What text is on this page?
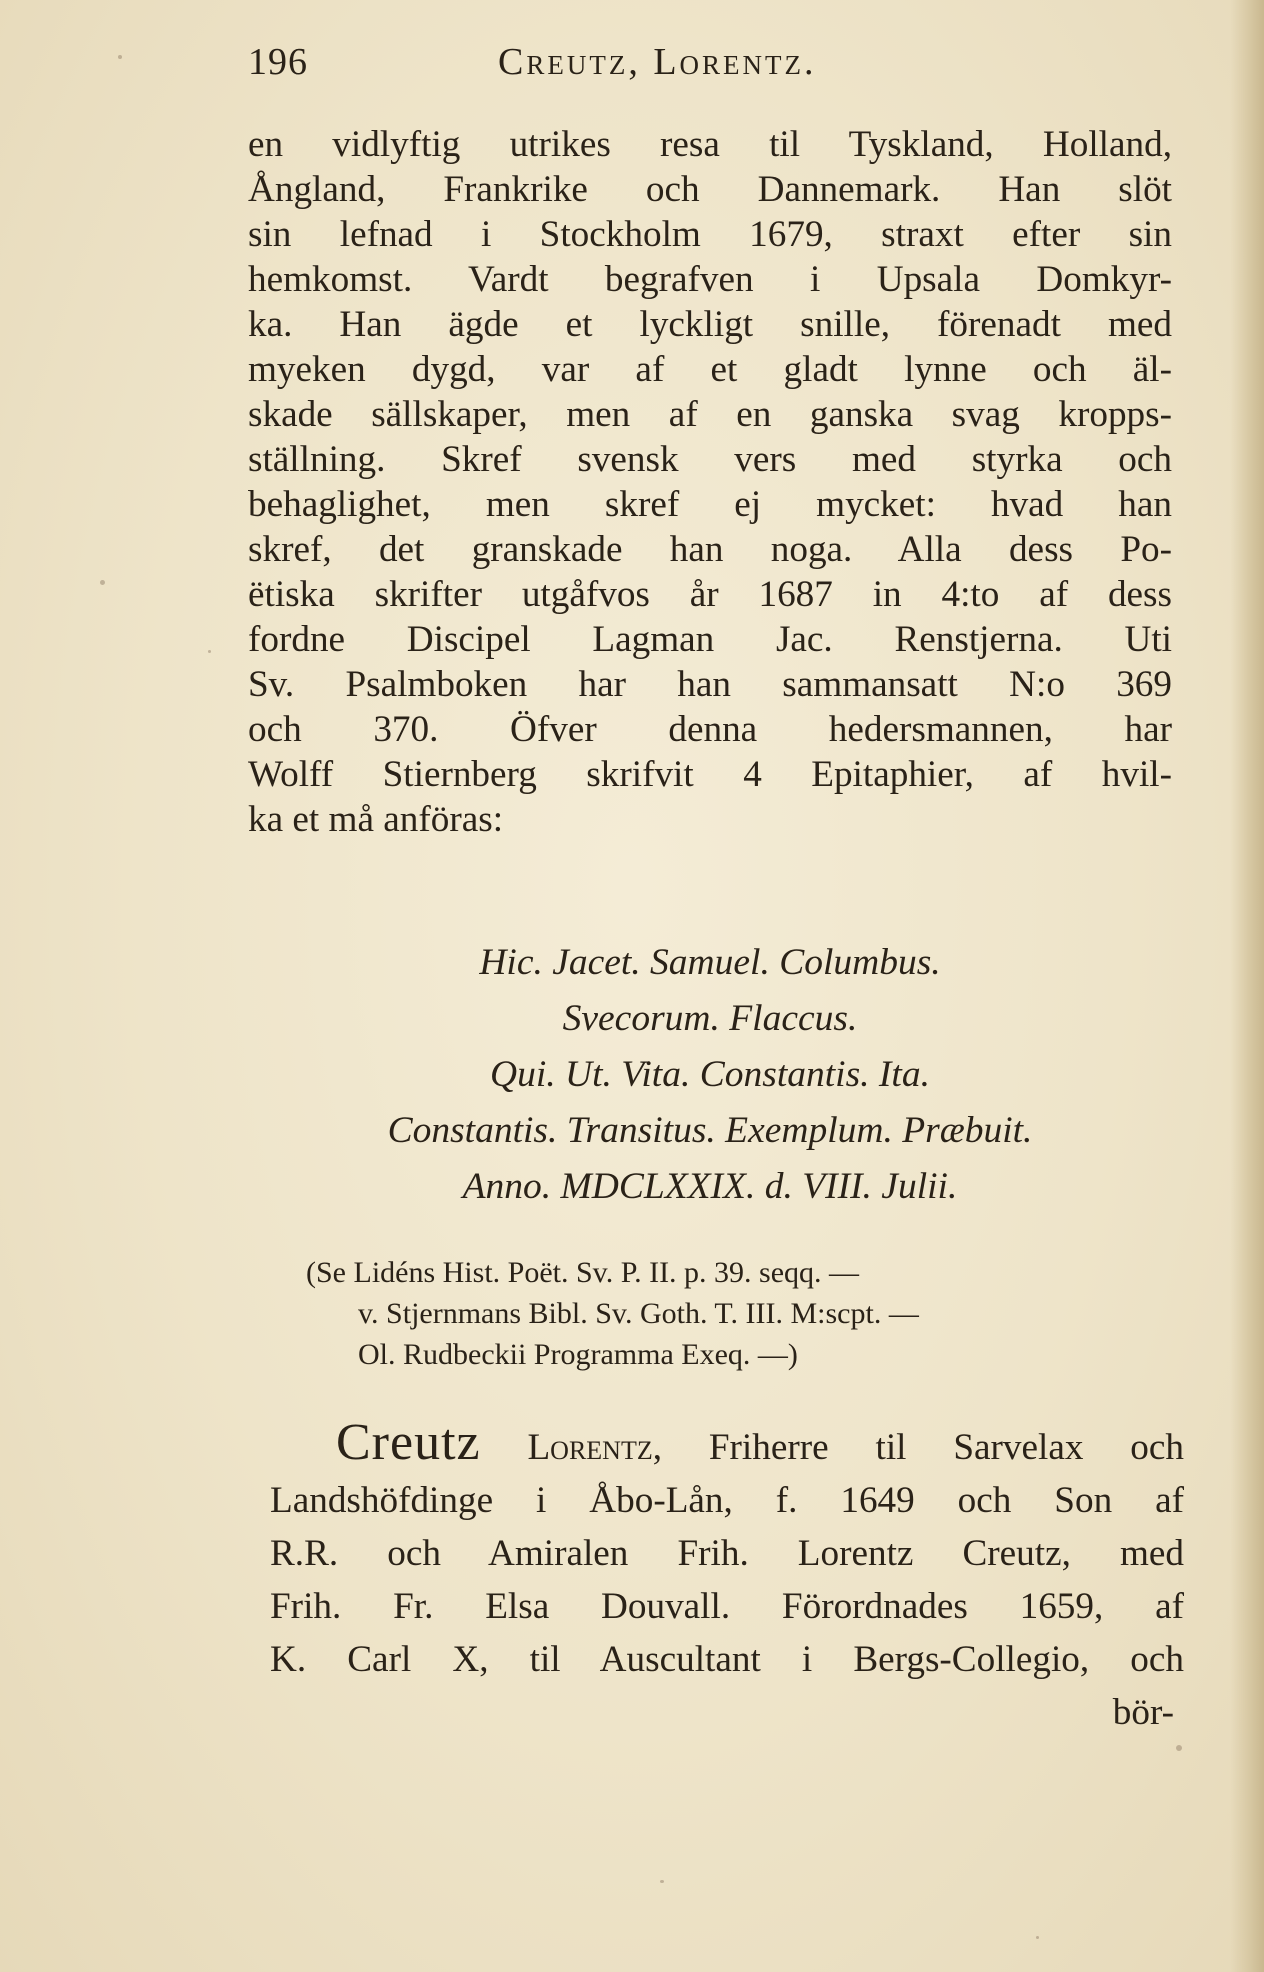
196	Creutz, Lorentz.
en vidlyftig utrikes resa til Tyskland, Holland,
Ångland, Frankrike och Dannemark. Han slöt
sin lefnad i Stockholm 1679, straxt efter sin
hemkomst. Vardt begrafven i Upsala Domkyr-
ka. Han ägde et lyckligt snille, förenadt med
myeken dygd, var af et gladt lynne och äl-
skade sällskaper, men af en ganska svag kropps-
ställning. Skref svensk vers med styrka och
behaglighet, men skref ej mycket: hvad han
skref, det granskade han noga. Alla dess Po-
ëtiska skrifter utgåfvos år 1687 in 4:to af dess
fordne Discipel Lagman Jac. Renstjerna. Uti
Sv. Psalmboken har han sammansatt N:o 369
och 370. Öfver denna hedersmannen, har
Wolff Stiernberg skrifvit 4 Epitaphier, af hvil-
ka et må anföras:
Hic. Jacet. Samuel. Columbus.
Svecorum. Flaccus.
Qui. Ut. Vita. Constantis. Ita.
Constantis. Transitus. Exemplum. Præbuit.
Anno. MDCLXXIX. d. VIII. Julii.
(Se Lidéns Hist. Poët. Sv. P. II. p. 39. seqq. —
v. Stjernmans Bibl. Sv. Goth. T. III. M:scpt. —
Ol. Rudbeckii Programma Exeq. —)
Creutz Lorentz, Friherre til Sarvelax och
Landshöfdinge i Åbo-Lån, f. 1649 och Son af
R.R. och Amiralen Frih. Lorentz Creutz, med
Frih. Fr. Elsa Douvall. Förordnades 1659, af
K. Carl X, til Auscultant i Bergs-Collegio, och
bör-
